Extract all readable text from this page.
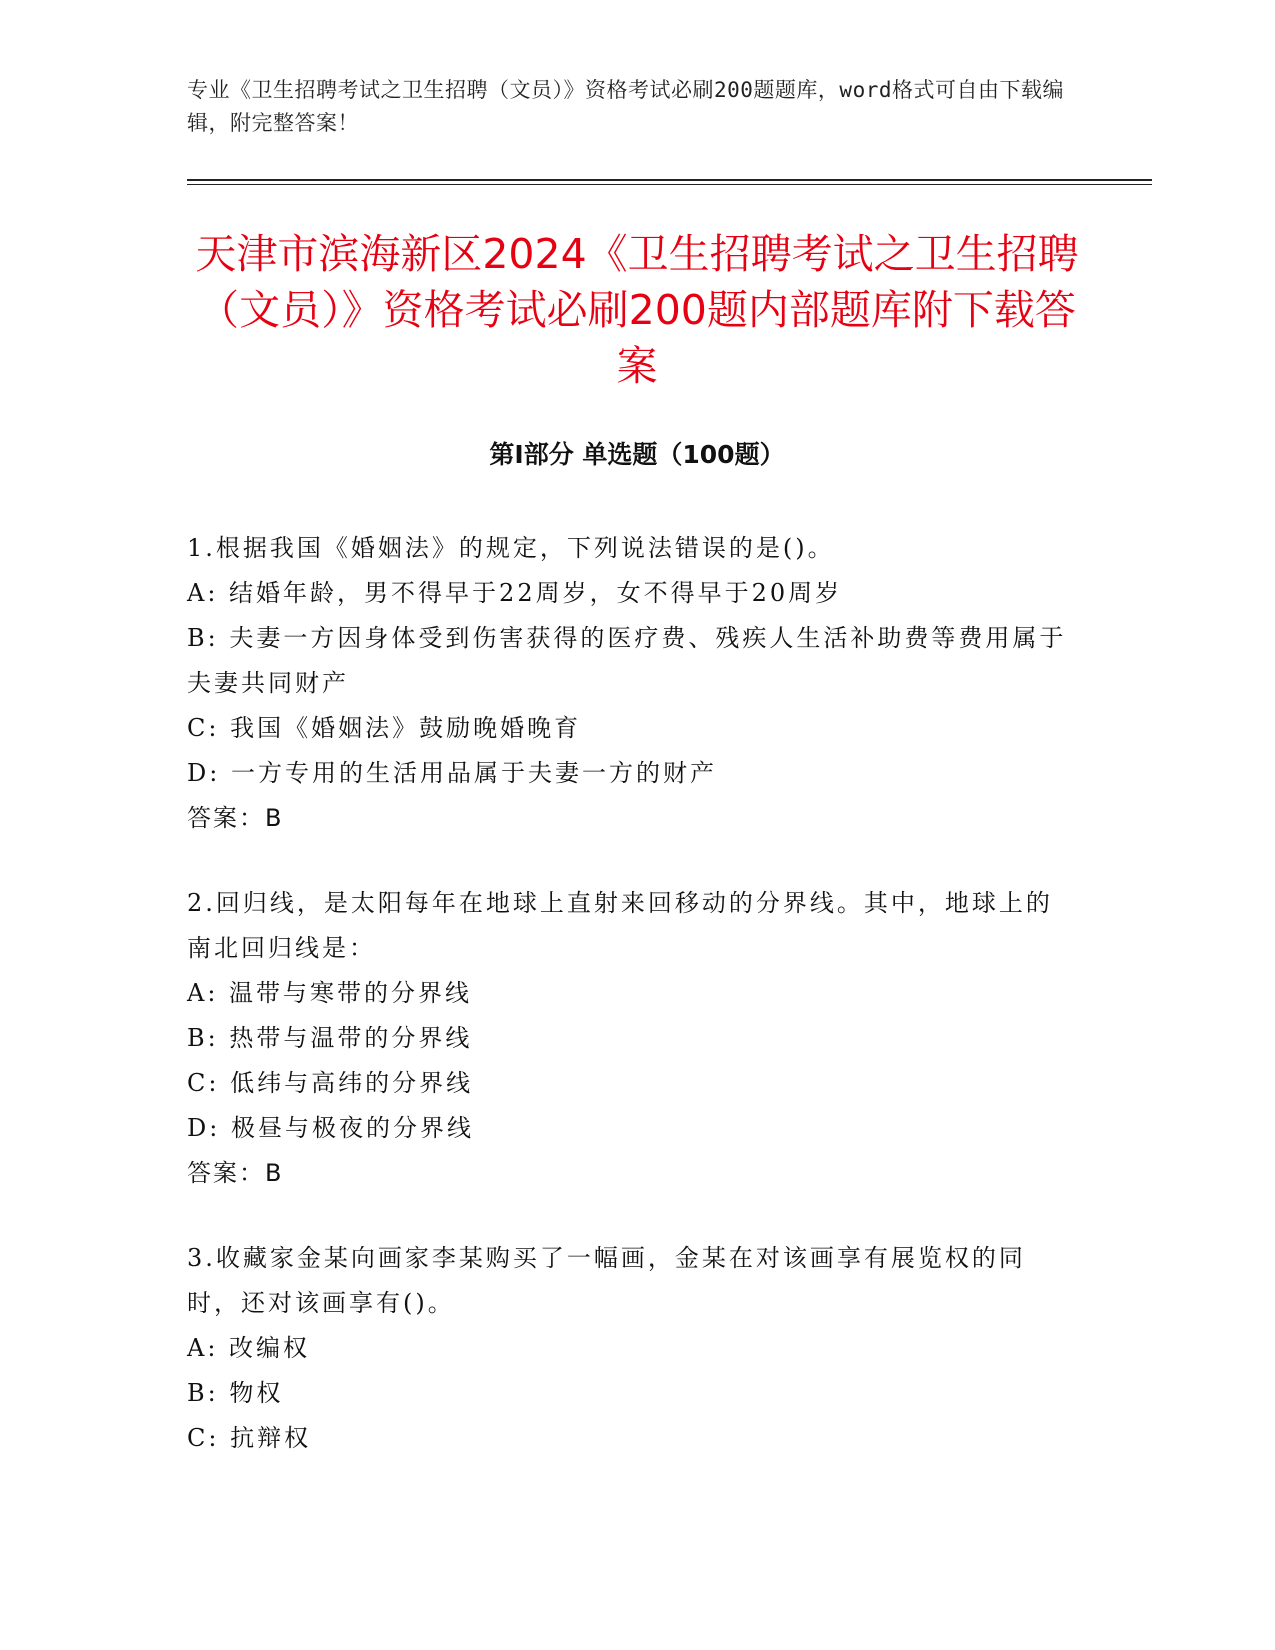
专业《卫生招聘考试之卫生招聘（文员）》资格考试必刷200题题库，word格式可自由下载编辑，附完整答案！
天津市滨海新区2024《卫生招聘考试之卫生招聘（文员）》资格考试必刷200题内部题库附下载答案
第Ⅰ部分 单选题（100题）
1.根据我国《婚姻法》的规定，下列说法错误的是()。
A: 结婚年龄，男不得早于22周岁，女不得早于20周岁
B: 夫妻一方因身体受到伤害获得的医疗费、残疾人生活补助费等费用属于夫妻共同财产
C: 我国《婚姻法》鼓励晚婚晚育
D: 一方专用的生活用品属于夫妻一方的财产
答案：B
2.回归线，是太阳每年在地球上直射来回移动的分界线。其中，地球上的南北回归线是：
A: 温带与寒带的分界线
B: 热带与温带的分界线
C: 低纬与高纬的分界线
D: 极昼与极夜的分界线
答案：B
3.收藏家金某向画家李某购买了一幅画，金某在对该画享有展览权的同时，还对该画享有()。
A: 改编权
B: 物权
C: 抗辩权
